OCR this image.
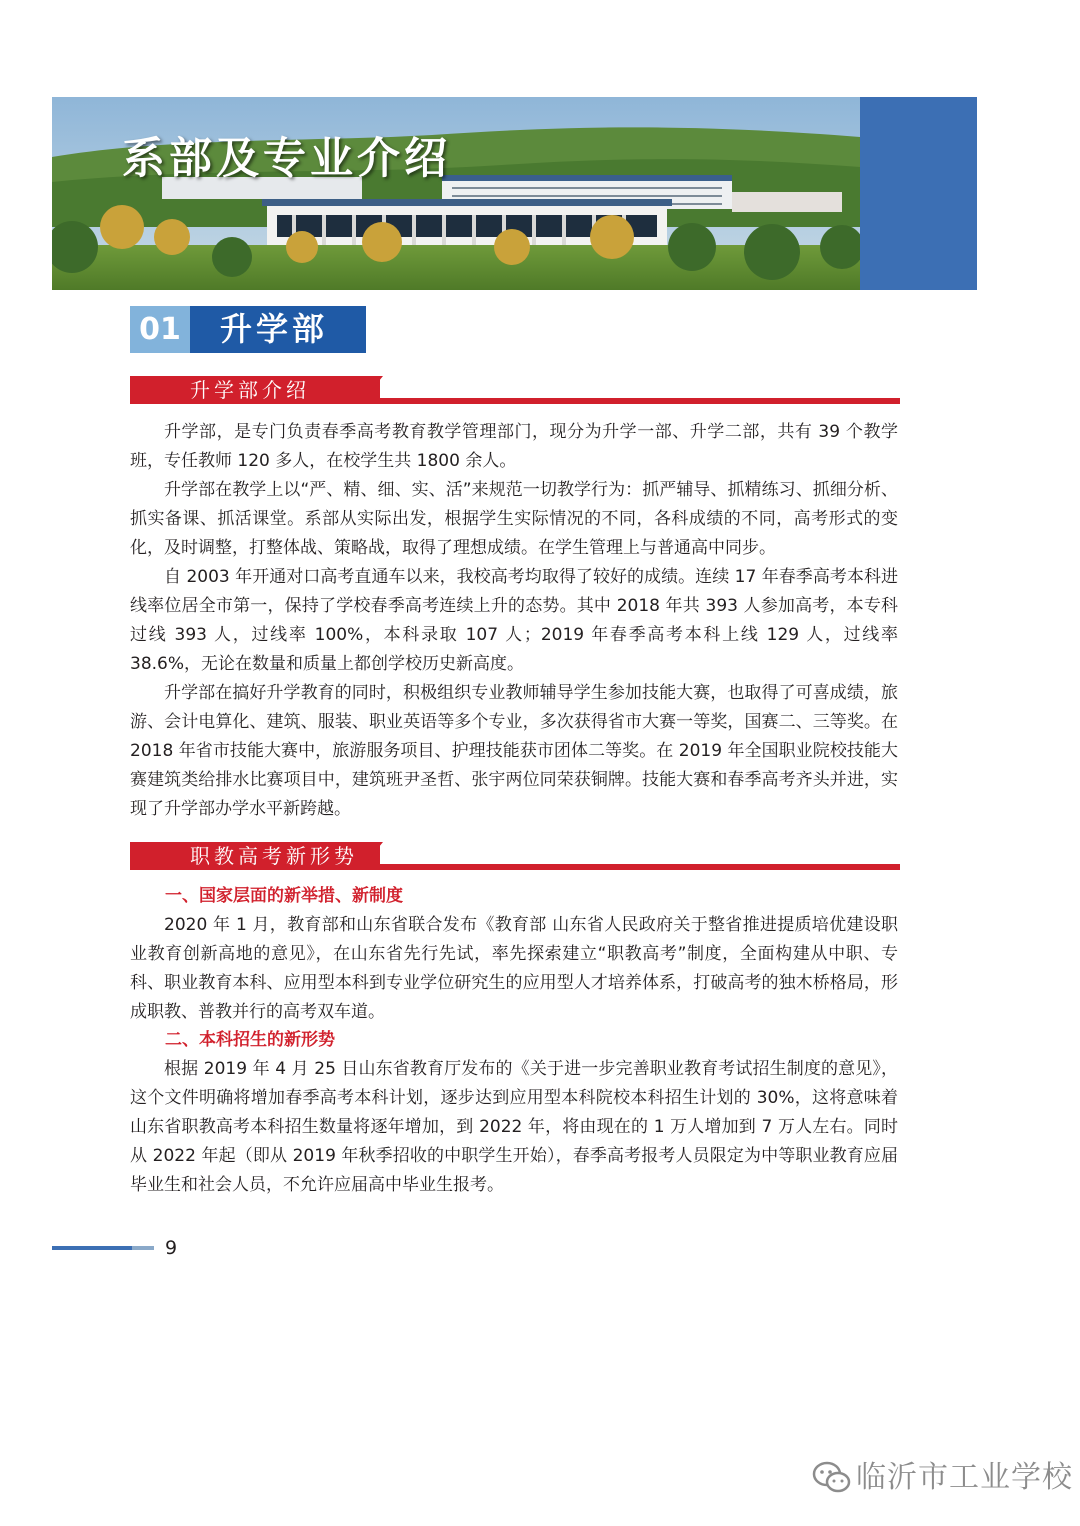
系部及专业介绍
01	升学部
升学部介绍

升学部，是专门负责春季高考教育教学管理部门，现分为升学一部、升学二部，共有 39 个教学班，专任教师 120 多人，在校学生共 1800 余人。

升学部在教学上以“严、精、细、实、活”来规范一切教学行为：抓严辅导、抓精练习、抓细分析、抓实备课、抓活课堂。系部从实际出发，根据学生实际情况的不同，各科成绩的不同，高考形式的变化，及时调整，打整体战、策略战，取得了理想成绩。在学生管理上与普通高中同步。

自 2003 年开通对口高考直通车以来，我校高考均取得了较好的成绩。连续 17 年春季高考本科进线率位居全市第一，保持了学校春季高考连续上升的态势。其中 2018 年共 393 人参加高考，本专科过线 393 人，过线率 100%，本科录取 107 人；2019 年春季高考本科上线 129 人，过线率 38.6%，无论在数量和质量上都创学校历史新高度。

升学部在搞好升学教育的同时，积极组织专业教师辅导学生参加技能大赛，也取得了可喜成绩，旅游、会计电算化、建筑、服装、职业英语等多个专业，多次获得省市大赛一等奖，国赛二、三等奖。在 2018 年省市技能大赛中，旅游服务项目、护理技能获市团体二等奖。在 2019 年全国职业院校技能大赛建筑类给排水比赛项目中，建筑班尹圣哲、张宇两位同荣获铜牌。技能大赛和春季高考齐头并进，实现了升学部办学水平新跨越。

职教高考新形势

一、国家层面的新举措、新制度

2020 年 1 月，教育部和山东省联合发布《教育部 山东省人民政府关于整省推进提质培优建设职业教育创新高地的意见》，在山东省先行先试，率先探索建立“职教高考”制度，全面构建从中职、专科、职业教育本科、应用型本科到专业学位研究生的应用型人才培养体系，打破高考的独木桥格局，形成职教、普教并行的高考双车道。

二、本科招生的新形势

根据 2019 年 4 月 25 日山东省教育厅发布的《关于进一步完善职业教育考试招生制度的意见》，这个文件明确将增加春季高考本科计划，逐步达到应用型本科院校本科招生计划的 30%，这将意味着山东省职教高考本科招生数量将逐年增加，到 2022 年，将由现在的 1 万人增加到 7 万人左右。同时从 2022 年起（即从 2019 年秋季招收的中职学生开始），春季高考报考人员限定为中等职业教育应届毕业生和社会人员，不允许应届高中毕业生报考。

9
临沂市工业学校
